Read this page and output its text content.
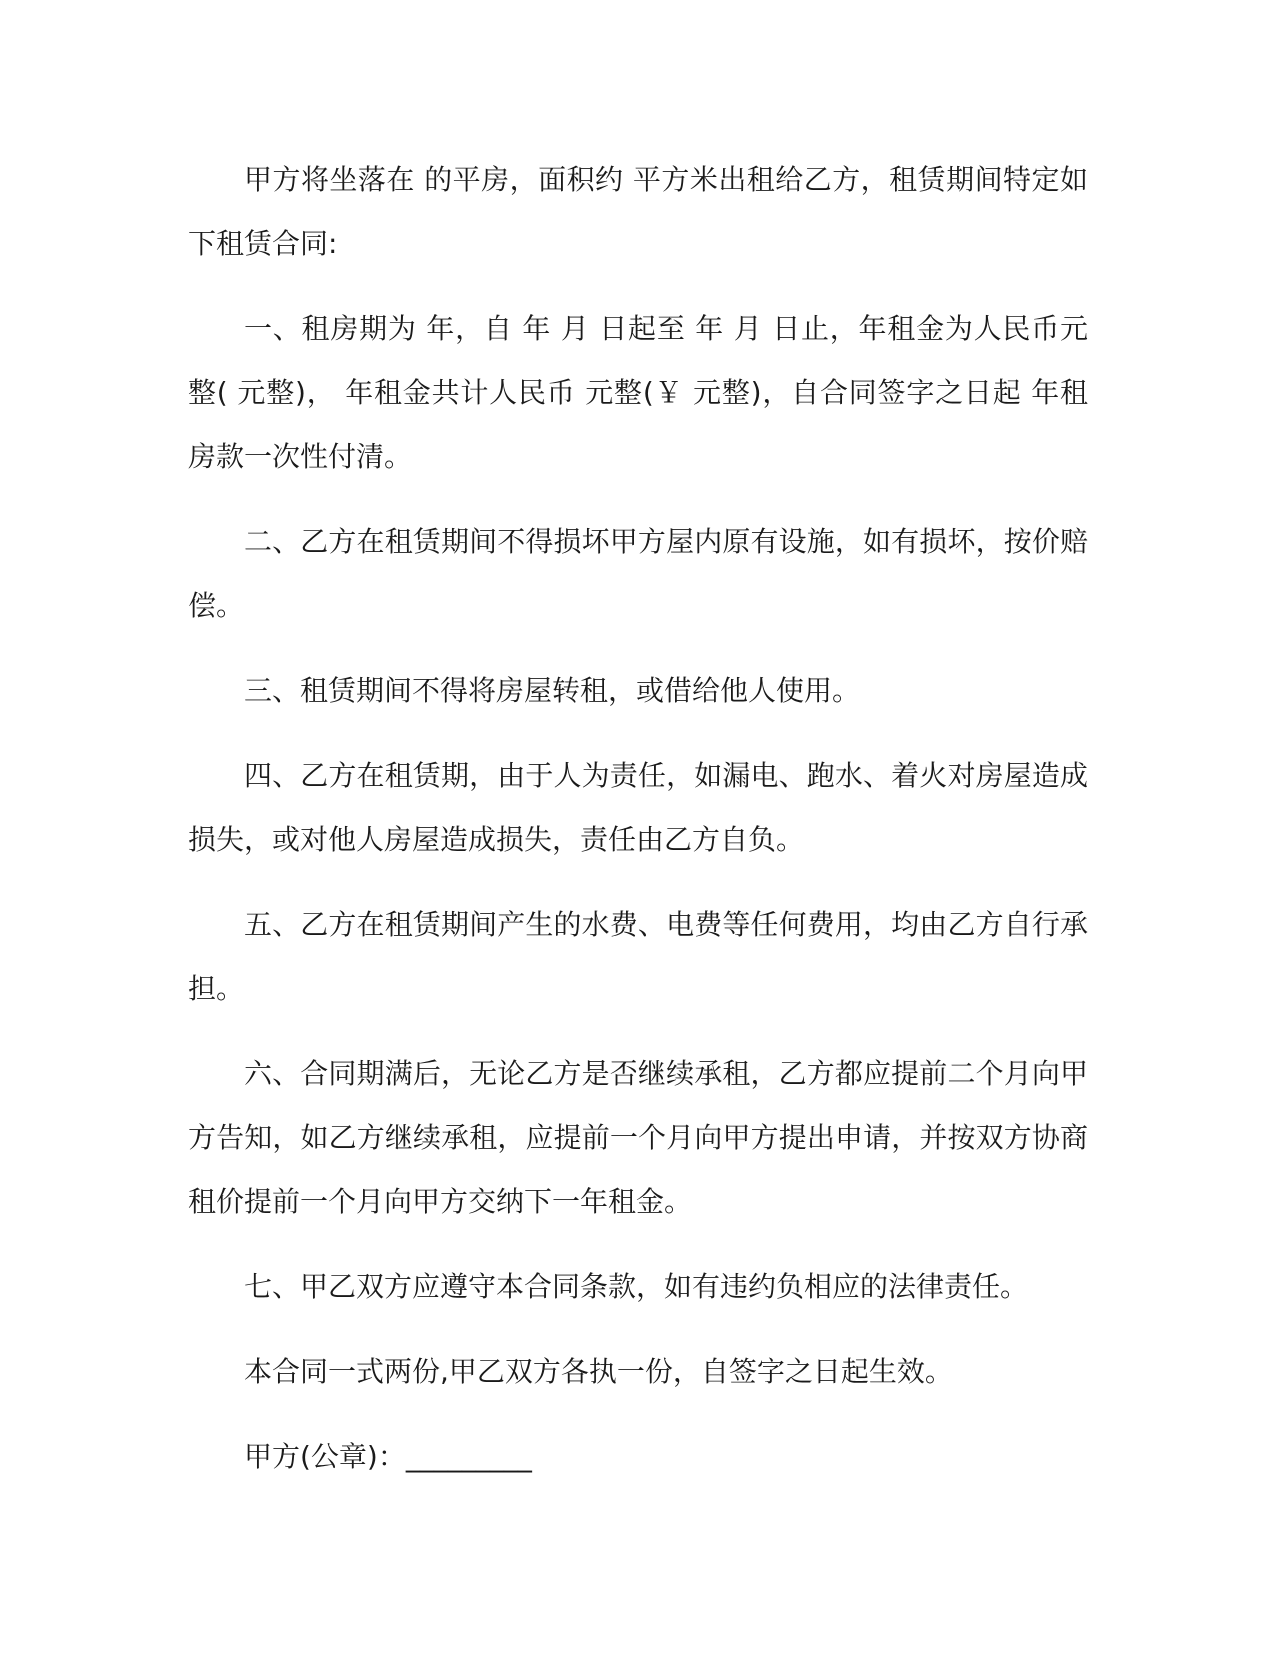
甲方将坐落在 的平房，面积约 平方米出租给乙方，租赁期间特定如下租赁合同:

一、租房期为 年，自 年 月 日起至 年 月 日止，年租金为人民币元整( 元整)， 年租金共计人民币 元整(￥ 元整)，自合同签字之日起 年租房款一次性付清。

二、乙方在租赁期间不得损坏甲方屋内原有设施，如有损坏，按价赔偿。

三、租赁期间不得将房屋转租，或借给他人使用。

四、乙方在租赁期，由于人为责任，如漏电、跑水、着火对房屋造成损失，或对他人房屋造成损失，责任由乙方自负。

五、乙方在租赁期间产生的水费、电费等任何费用，均由乙方自行承担。

六、合同期满后，无论乙方是否继续承租，乙方都应提前二个月向甲方告知，如乙方继续承租，应提前一个月向甲方提出申请，并按双方协商租价提前一个月向甲方交纳下一年租金。

七、甲乙双方应遵守本合同条款，如有违约负相应的法律责任。

本合同一式两份,甲乙双方各执一份，自签字之日起生效。

甲方(公章)：_________
